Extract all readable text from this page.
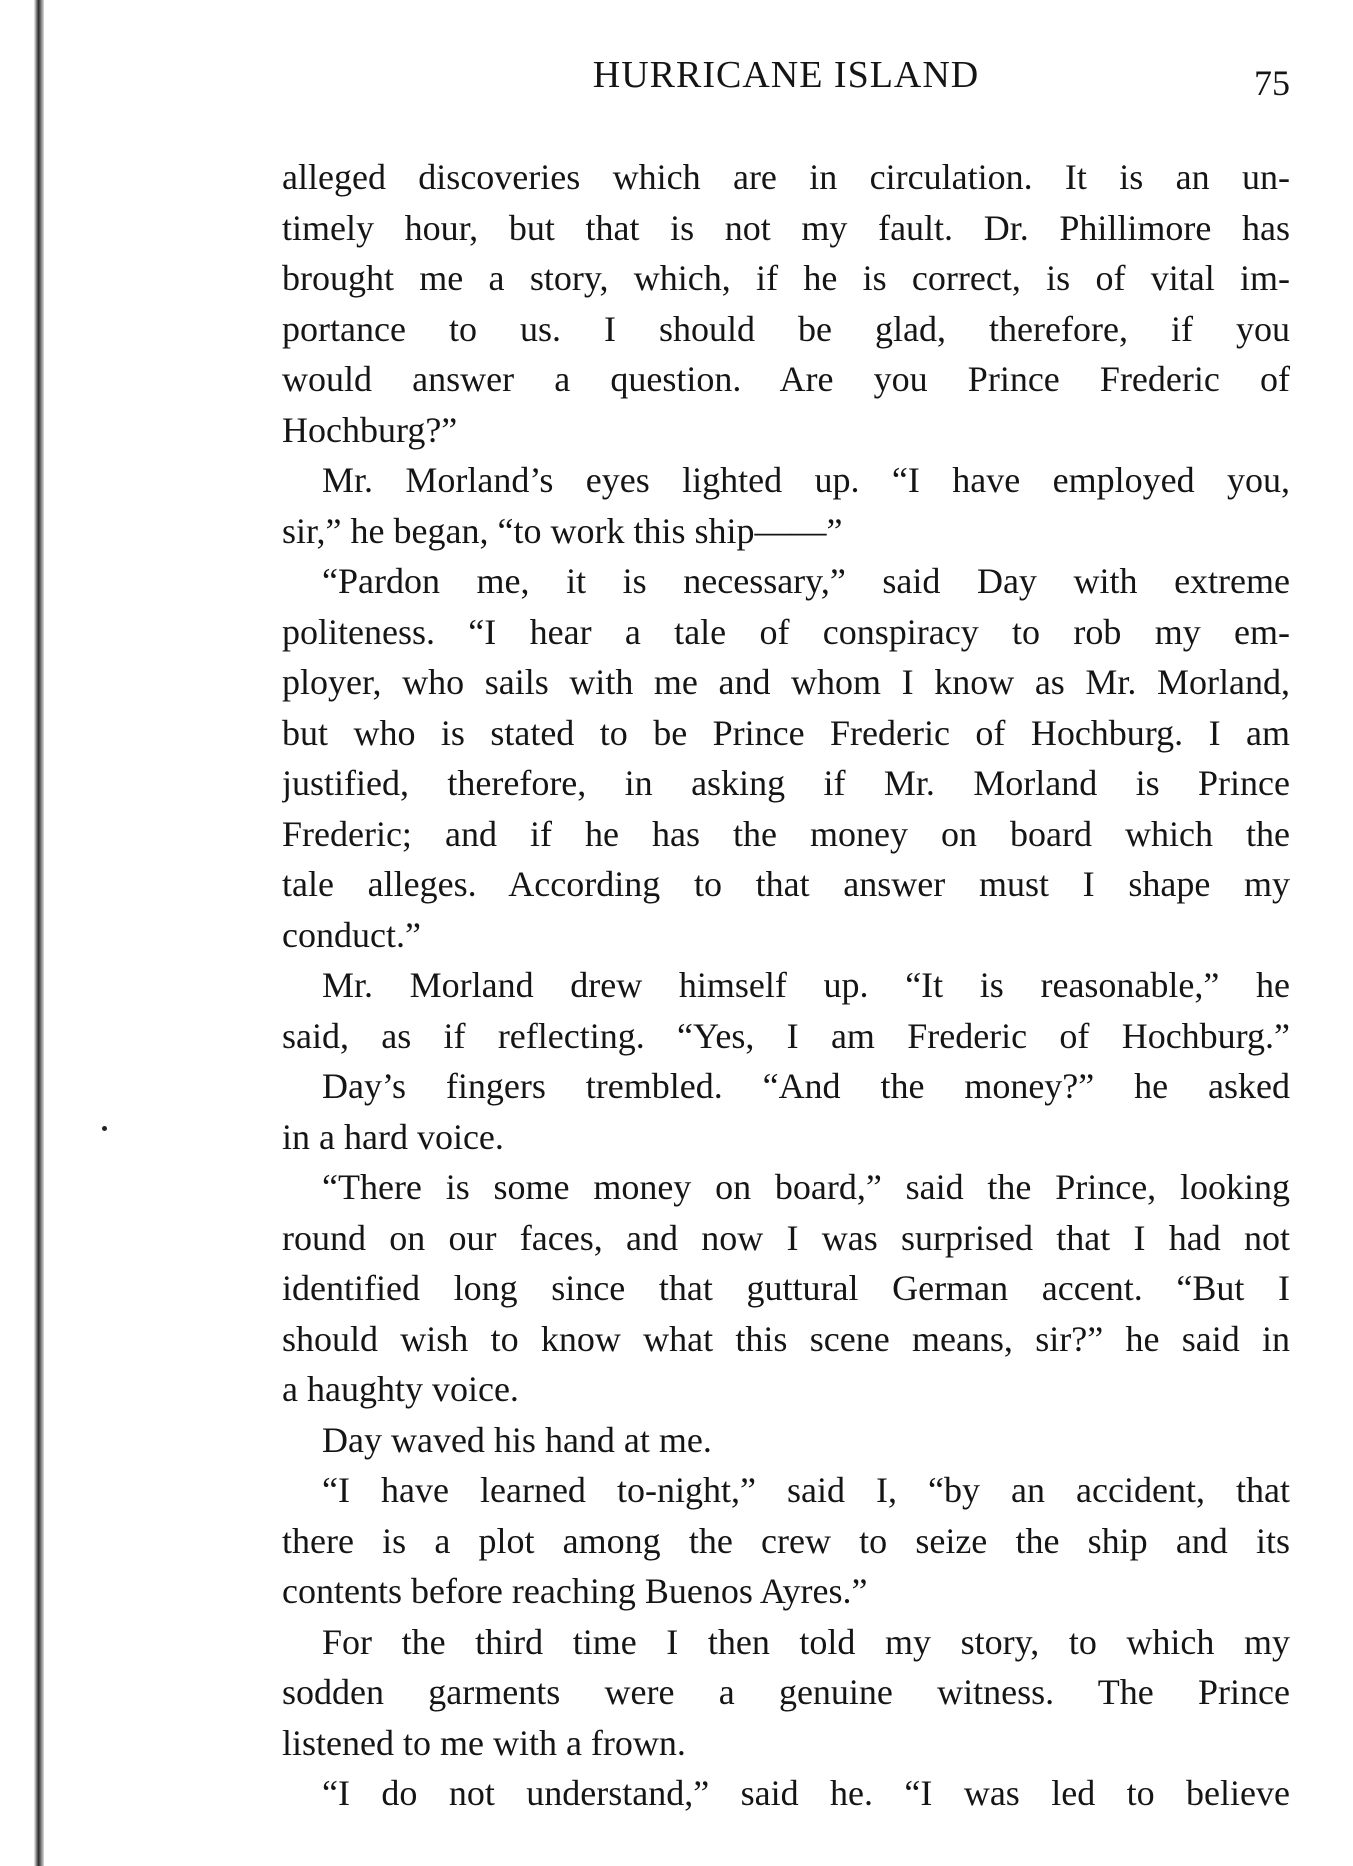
HURRICANE ISLAND	75
alleged discoveries which are in circulation. It is an un-
timely hour, but that is not my fault. Dr. Phillimore has
brought me a story, which, if he is correct, is of vital im-
portance to us. I should be glad, therefore, if you
would answer a question. Are you Prince Frederic of
Hochburg?”
Mr. Morland’s eyes lighted up. “I have employed you,
sir,” he began, “to work this ship——”
“Pardon me, it is necessary,” said Day with extreme
politeness. “I hear a tale of conspiracy to rob my em-
ployer, who sails with me and whom I know as Mr. Morland,
but who is stated to be Prince Frederic of Hochburg. I am
justified, therefore, in asking if Mr. Morland is Prince
Frederic; and if he has the money on board which the
tale alleges. According to that answer must I shape my
conduct.”
Mr. Morland drew himself up. “It is reasonable,” he
said, as if reflecting. “Yes, I am Frederic of Hochburg.”
Day’s fingers trembled. “And the money?” he asked
in a hard voice.
“There is some money on board,” said the Prince, looking
round on our faces, and now I was surprised that I had not
identified long since that guttural German accent. “But I
should wish to know what this scene means, sir?” he said in
a haughty voice.
Day waved his hand at me.
“I have learned to-night,” said I, “by an accident, that
there is a plot among the crew to seize the ship and its
contents before reaching Buenos Ayres.”
For the third time I then told my story, to which my
sodden garments were a genuine witness. The Prince
listened to me with a frown.
“I do not understand,” said he. “I was led to believe
